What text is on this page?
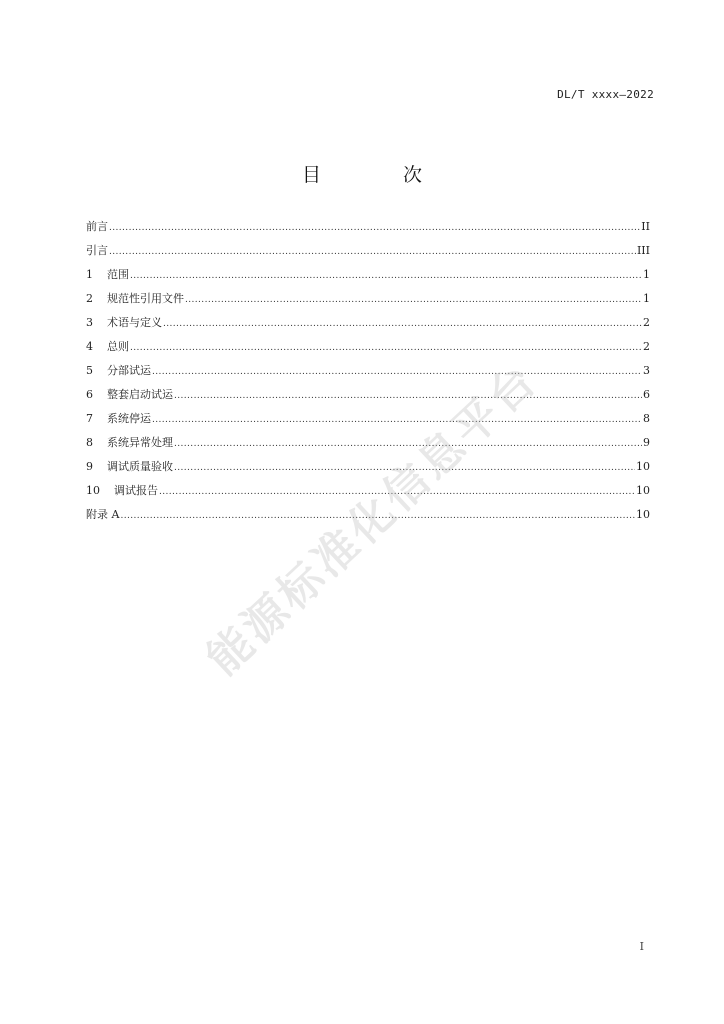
DL/T xxxx—2022
目 次
前言 .....	II
引言 .....	III
1	范围 .....	1
2	规范性引用文件 .....	1
3	术语与定义 .....	2
4	总则 .....	2
5	分部试运 .....	3
6	整套启动试运 .....	6
7	系统停运 .....	8
8	系统异常处理 .....	9
9	调试质量验收 .....	10
10	调试报告 .....	10
附录 A .....	10
能源标准化信息平台
I
